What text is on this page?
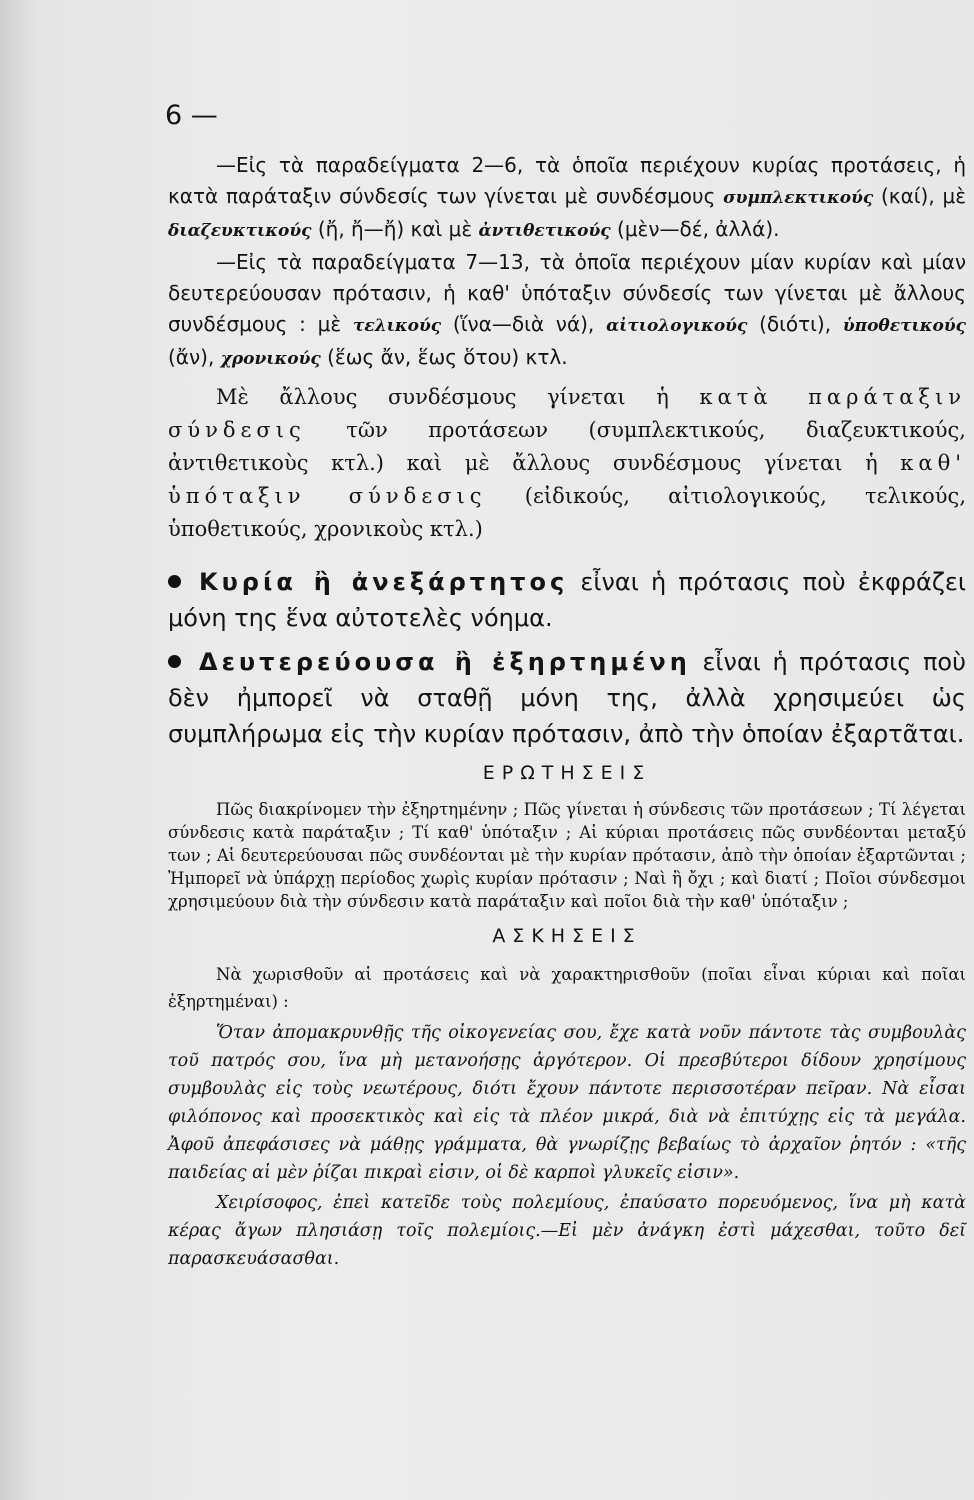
6 —

—Εἰς τὰ παραδείγματα 2—6, τὰ ὁποῖα περιέχουν κυρίας προτάσεις, ἡ κατὰ παράταξιν σύνδεσίς των γίνεται μὲ συνδέσμους συμπλεκτικούς (καί), μὲ διαζευκτικούς (ἤ, ἤ—ἤ) καὶ μὲ ἀντιθετικούς (μὲν—δέ, ἀλλά).

—Εἰς τὰ παραδείγματα 7—13, τὰ ὁποῖα περιέχουν μίαν κυρίαν καὶ μίαν δευτερεύουσαν πρότασιν, ἡ καθ' ὑπόταξιν σύνδεσίς των γίνεται μὲ ἄλλους συνδέσμους : μὲ τελικούς (ἵνα—διὰ νά), αἰτιολογικούς (διότι), ὑποθετικούς (ἄν), χρονικούς (ἕως ἄν, ἕως ὅτου) κτλ.

Μὲ ἄλλους συνδέσμους γίνεται ἡ κατὰ παράταξιν σύνδεσις τῶν προτάσεων (συμπλεκτικούς, διαζευκτικούς, ἀντιθετικοὺς κτλ.) καὶ μὲ ἄλλους συνδέσμους γίνεται ἡ καθ' ὑπόταξιν σύνδεσις (εἰδικούς, αἰτιολογικούς, τελικούς, ὑποθετικούς, χρονικοὺς κτλ.)

Κυρία ἢ ἀνεξάρτητος εἶναι ἡ πρότασις ποὺ ἐκφράζει μόνη της ἕνα αὐτοτελὲς νόημα.

Δευτερεύουσα ἢ ἐξηρτημένη εἶναι ἡ πρότασις ποὺ δὲν ἠμπορεῖ νὰ σταθῇ μόνη της, ἀλλὰ χρησιμεύει ὡς συμπλήρωμα εἰς τὴν κυρίαν πρότασιν, ἀπὸ τὴν ὁποίαν ἐξαρτᾶται.

ΕΡΩΤΗΣΕΙΣ

Πῶς διακρίνομεν τὴν ἐξηρτημένην ; Πῶς γίνεται ἡ σύνδεσις τῶν προτάσεων ; Τί λέγεται σύνδεσις κατὰ παράταξιν ; Τί καθ' ὑπόταξιν ; Αἱ κύριαι προτάσεις πῶς συνδέονται μεταξύ των ; Αἱ δευτερεύουσαι πῶς συνδέονται μὲ τὴν κυρίαν πρότασιν, ἀπὸ τὴν ὁποίαν ἐξαρτῶνται ; Ἠμπορεῖ νὰ ὑπάρχῃ περίοδος χωρὶς κυρίαν πρότασιν ; Ναὶ ἢ ὄχι ; καὶ διατί ; Ποῖοι σύνδεσμοι χρησιμεύουν διὰ τὴν σύνδεσιν κατὰ παράταξιν καὶ ποῖοι διὰ τὴν καθ' ὑπόταξιν ;

ΑΣΚΗΣΕΙΣ

Νὰ χωρισθοῦν αἱ προτάσεις καὶ νὰ χαρακτηρισθοῦν (ποῖαι εἶναι κύριαι καὶ ποῖαι ἐξηρτημέναι) :

Ὅταν ἀπομακρυνθῇς τῆς οἰκογενείας σου, ἔχε κατὰ νοῦν πάντοτε τὰς συμβουλὰς τοῦ πατρός σου, ἵνα μὴ μετανοήσῃς ἀργότερον. Οἱ πρεσβύτεροι δίδουν χρησίμους συμβουλὰς εἰς τοὺς νεωτέρους, διότι ἔχουν πάντοτε περισσοτέραν πεῖραν. Νὰ εἶσαι φιλόπονος καὶ προσεκτικὸς καὶ εἰς τὰ πλέον μικρά, διὰ νὰ ἐπιτύχῃς εἰς τὰ μεγάλα. Ἀφοῦ ἀπεφάσισες νὰ μάθῃς γράμματα, θὰ γνωρίζῃς βεβαίως τὸ ἀρχαῖον ῥητόν : «τῆς παιδείας αἱ μὲν ῥίζαι πικραὶ εἰσιν, οἱ δὲ καρποὶ γλυκεῖς εἰσιν».

Χειρίσοφος, ἐπεὶ κατεῖδε τοὺς πολεμίους, ἐπαύσατο πορευόμενος, ἵνα μὴ κατὰ κέρας ἄγων πλησιάσῃ τοῖς πολεμίοις.—Εἰ μὲν ἀνάγκη ἐστὶ μάχεσθαι, τοῦτο δεῖ παρασκευάσασθαι.
